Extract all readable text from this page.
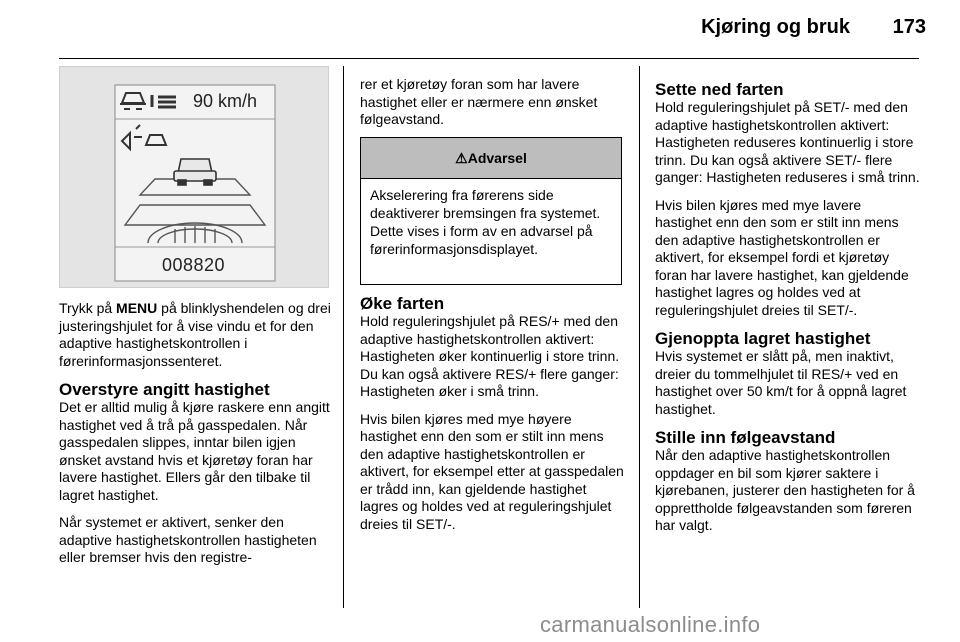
Kjøring og bruk	173
90 km/h
008820

Trykk på MENU på blinklyshendelen og drei justeringshjulet for å vise vindu et for den adaptive hastighetskontrollen i førerinformasjonssenteret.

Overstyre angitt hastighet

Det er alltid mulig å kjøre raskere enn angitt hastighet ved å trå på gasspedalen. Når gasspedalen slippes, inntar bilen igjen ønsket avstand hvis et kjøretøy foran har lavere hastighet. Ellers går den tilbake til lagret hastighet.

Når systemet er aktivert, senker den adaptive hastighetskontrollen hastigheten eller bremser hvis den registre-

rer et kjøretøy foran som har lavere hastighet eller er nærmere enn ønsket følgeavstand.

⚠Advarsel
Akselerering fra førerens side deaktiverer bremsingen fra systemet. Dette vises i form av en advarsel på førerinformasjonsdisplayet.
Øke farten

Hold reguleringshjulet på RES/+ med den adaptive hastighetskontrollen aktivert: Hastigheten øker kontinuerlig i store trinn. Du kan også aktivere RES/+ flere ganger: Hastigheten øker i små trinn.

Hvis bilen kjøres med mye høyere hastighet enn den som er stilt inn mens den adaptive hastighetskontrollen er aktivert, for eksempel etter at gasspedalen er trådd inn, kan gjeldende hastighet lagres og holdes ved at reguleringshjulet dreies til SET/-.

Sette ned farten

Hold reguleringshjulet på SET/- med den adaptive hastighetskontrollen aktivert: Hastigheten reduseres kontinuerlig i store trinn. Du kan også aktivere SET/- flere ganger: Hastigheten reduseres i små trinn.

Hvis bilen kjøres med mye lavere hastighet enn den som er stilt inn mens den adaptive hastighetskontrollen er aktivert, for eksempel fordi et kjøretøy foran har lavere hastighet, kan gjeldende hastighet lagres og holdes ved at reguleringshjulet dreies til SET/-.

Gjenoppta lagret hastighet

Hvis systemet er slått på, men inaktivt, dreier du tommelhjulet til RES/+ ved en hastighet over 50 km/t for å oppnå lagret hastighet.

Stille inn følgeavstand

Når den adaptive hastighetskontrollen oppdager en bil som kjører saktere i kjørebanen, justerer den hastigheten for å opprettholde følgeavstanden som føreren har valgt.

carmanualsonline.info
